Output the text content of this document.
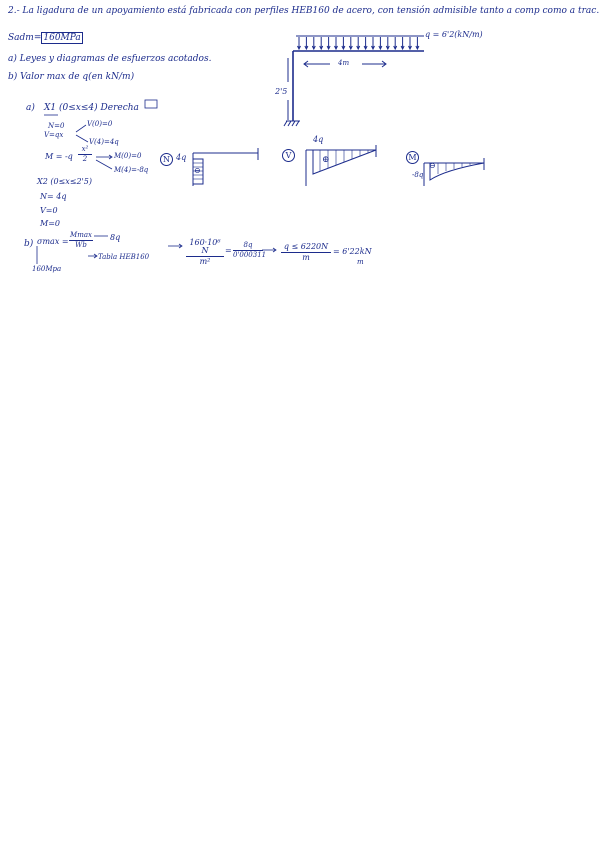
2.- La ligadura de un apoyamiento está fabricada con perfiles HEB160 de acero, con tensión admisible tanto a comp como a trac.
Sadm= 160MPa
a) Leyes y diagramas de esfuerzos acotados.
b) Valor max de q(en kN/m)
q = 6'2(kN/m)
4m
2'5
a) X1 (0≤x≤4) Derecha
N=0	V(0)=0
V=qx
V(4)=4q
$M = -q \frac{\text{x²}}{2}$	M(0)=0
M(4)=-8q
X2 (0≤x≤2'5)
N= 4q
V=0
M=0
N 4q
⊖
V
4q
⊕	M
-8q
⊖
b) σmax =
Mmax
Wb
8q
160Mpa
Tabla HEB160	$\frac{\text{160·10⁶ N}}{\text{m²}} = \frac{8q}{0'000311} \frac{q \le 6220N}{m} = 6'22kN$
m
